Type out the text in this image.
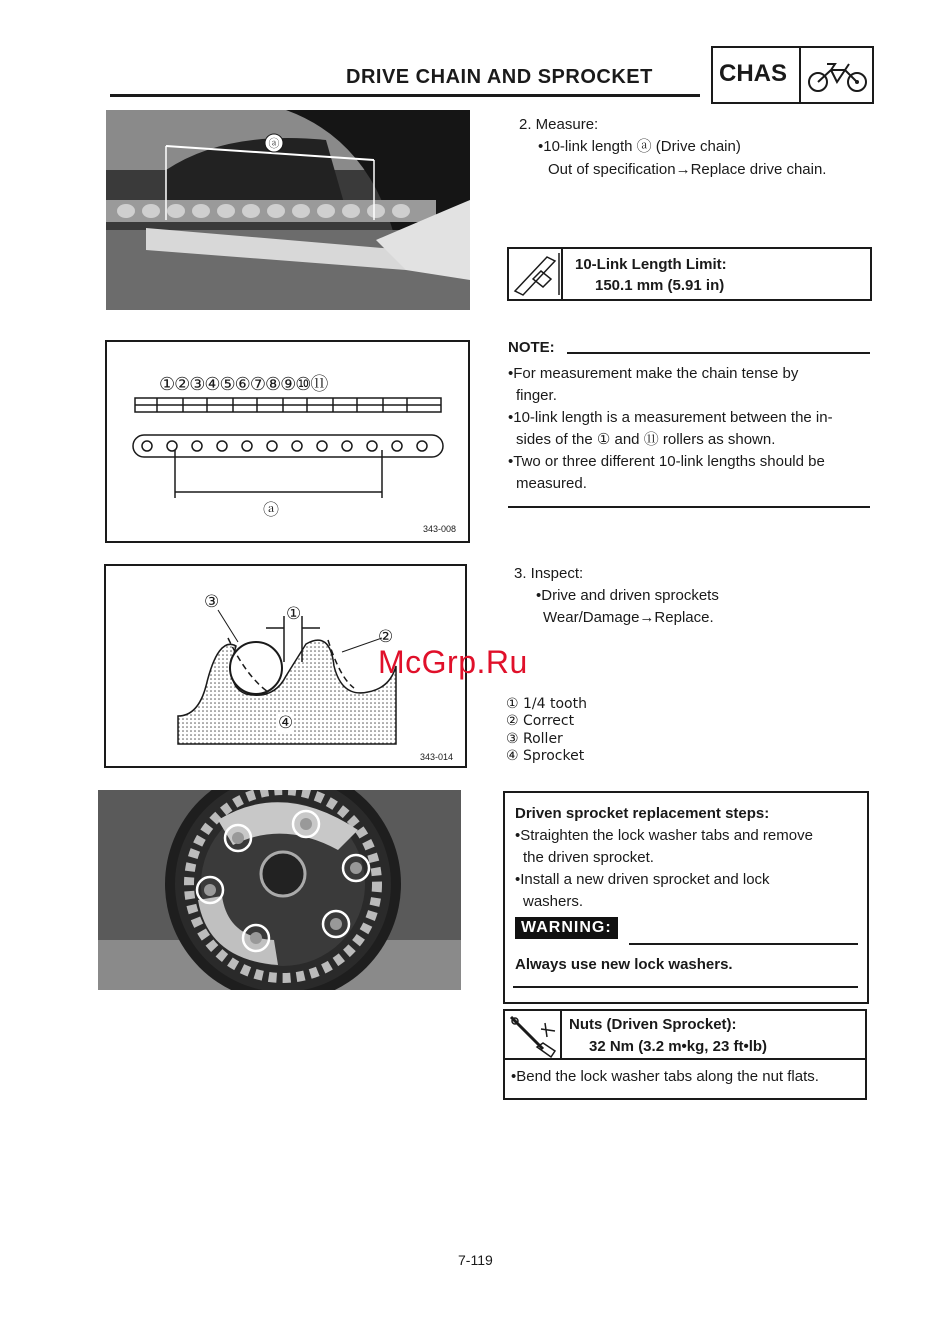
DRIVE CHAIN AND SPROCKET	CHAS
ⓐ
2. Measure:
•10-link length ⓐ (Drive chain)
Out of specification→Replace drive chain.
10-Link Length Limit:
150.1 mm (5.91 in)
①②③④⑤⑥⑦⑧⑨⑩⑪
ⓐ
343-008
NOTE:
•For measurement make the chain tense by
finger.
•10-link length is a measurement between the in-
sides of the ① and ⑪ rollers as shown.
•Two or three different 10-link lengths should be
measured.
③
①
②
④
343-014
3. Inspect:
•Drive and driven sprockets
Wear/Damage→Replace.
McGrp.Ru
① 1/4 tooth
② Correct
③ Roller
④ Sprocket
Driven sprocket replacement steps:
•Straighten the lock washer tabs and remove
the driven sprocket.
•Install a new driven sprocket and lock
washers.
WARNING:
Always use new lock washers.
Nuts (Driven Sprocket):
32 Nm (3.2 m•kg, 23 ft•lb)
•Bend the lock washer tabs along the nut flats.
7-119
